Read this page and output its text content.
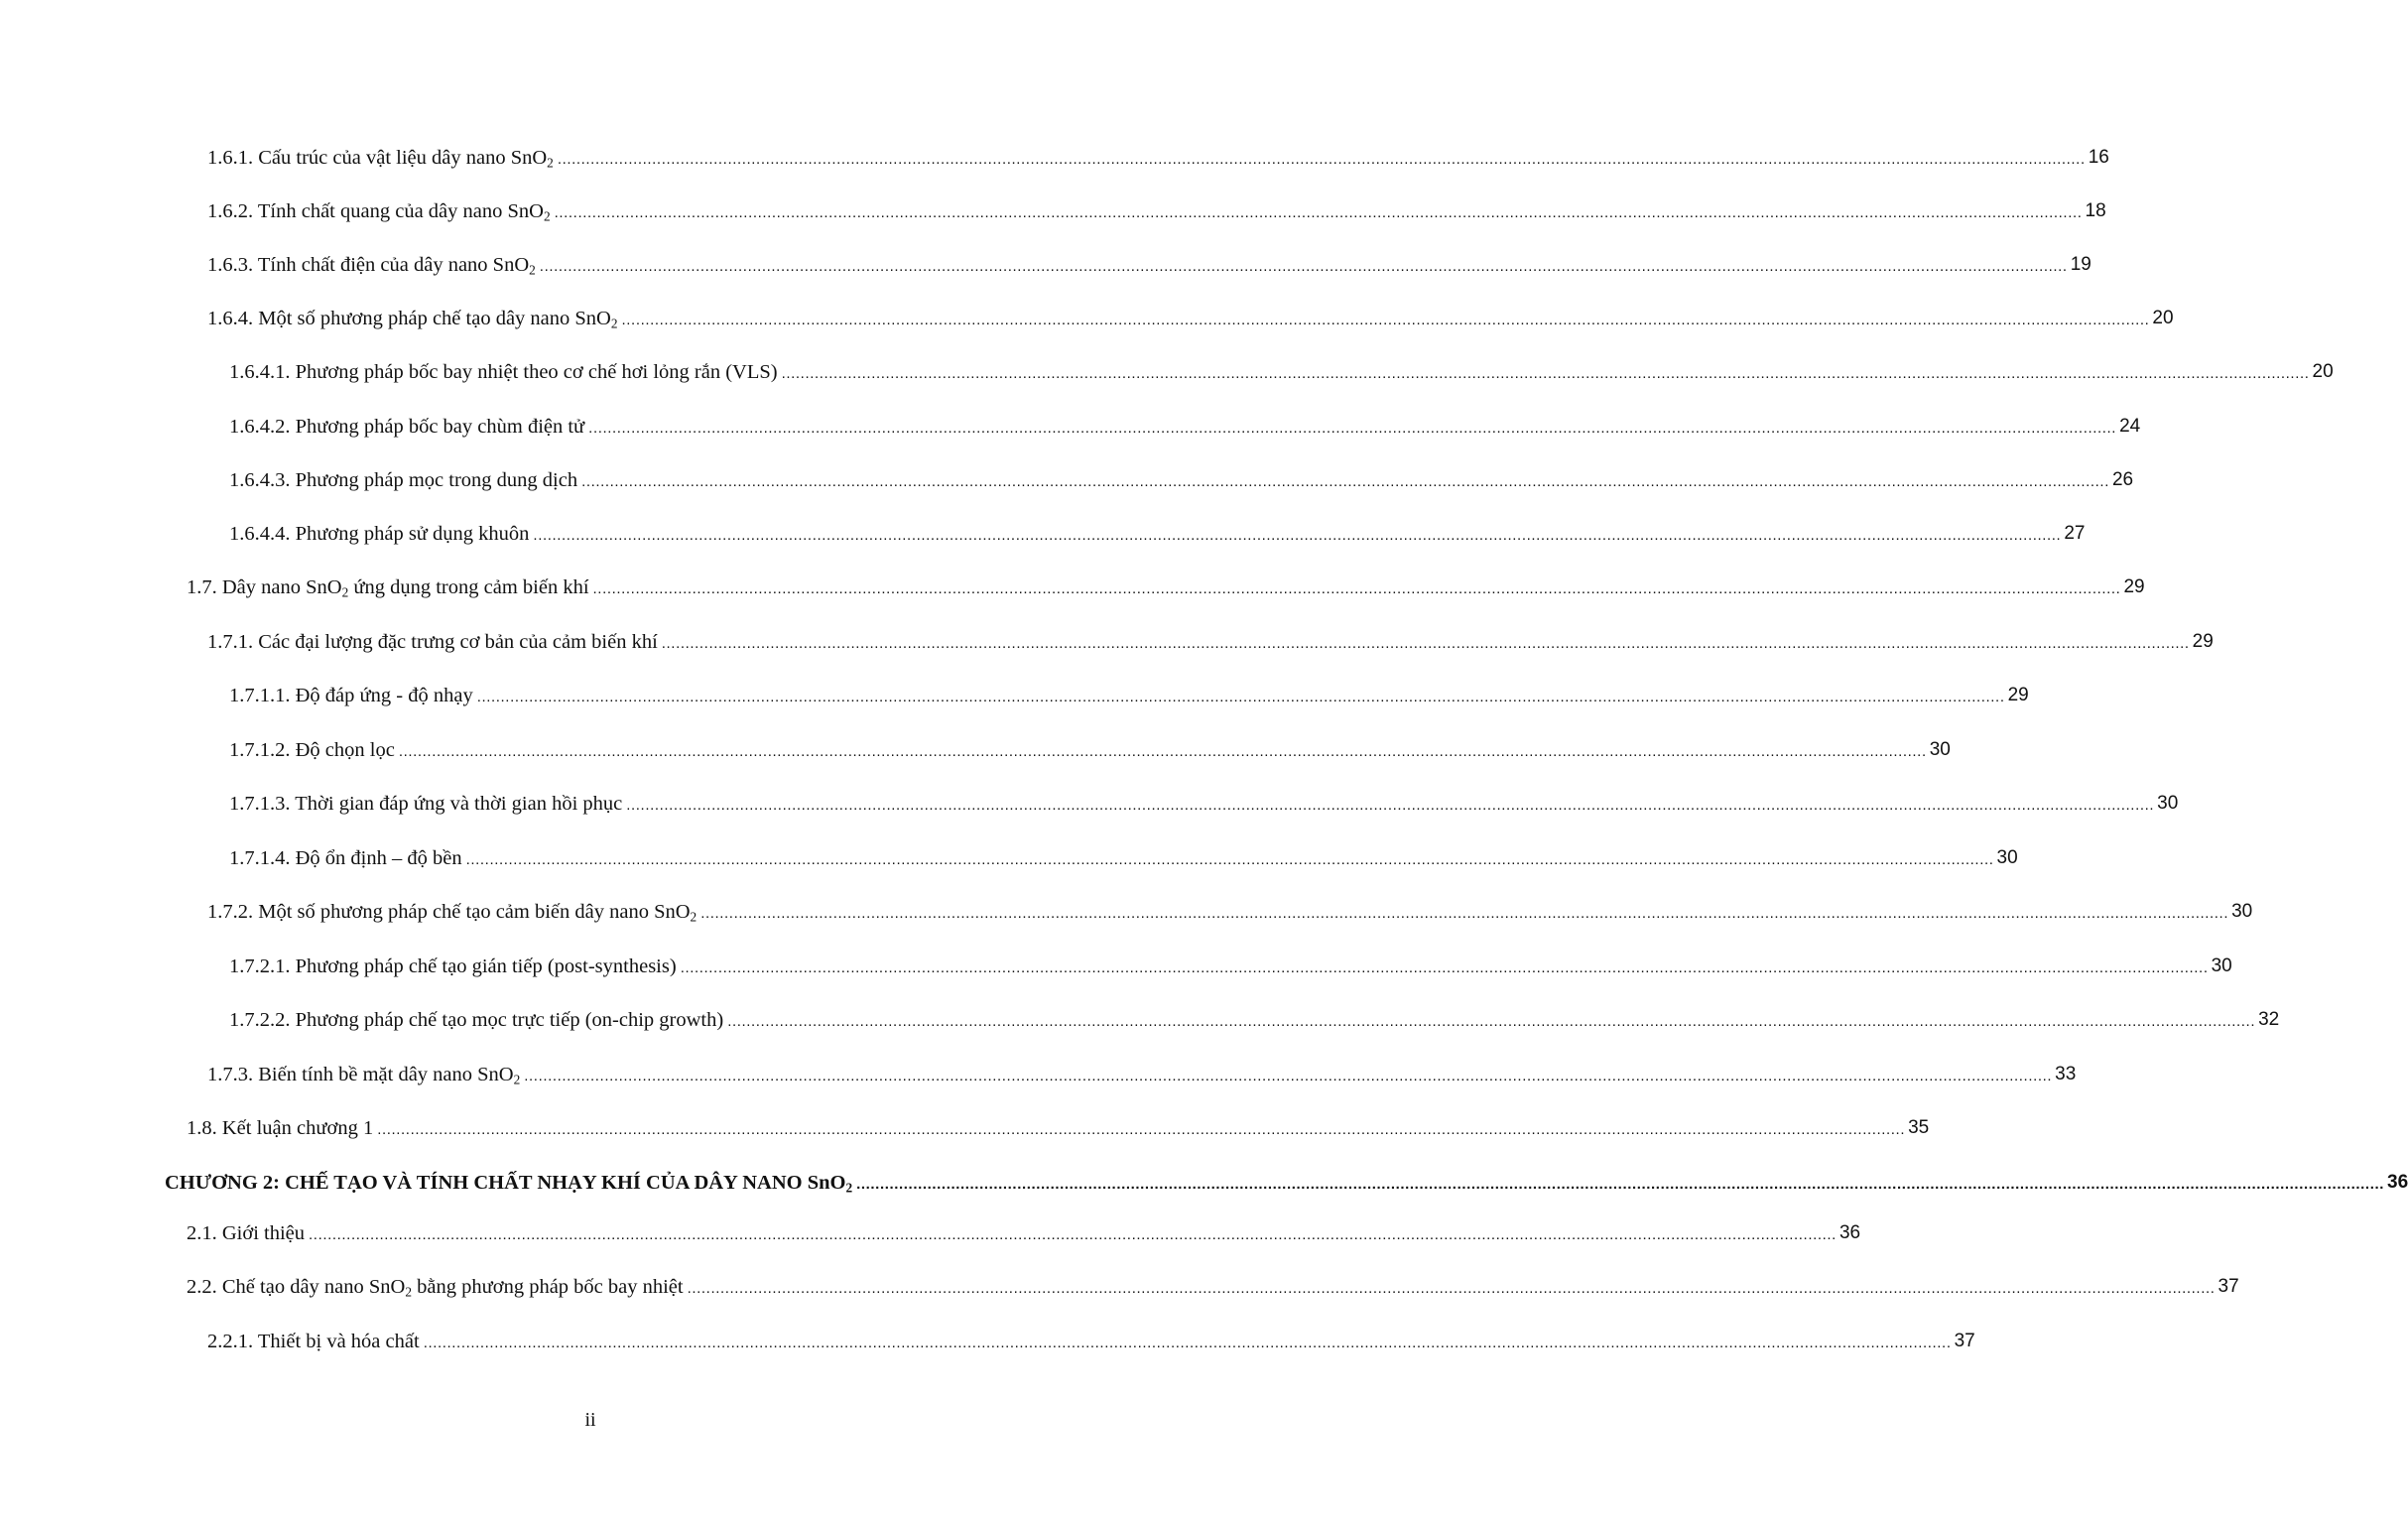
1.6.1. Cấu trúc của vật liệu dây nano SnO$_2$ ................................................................................................................................................................................................................................................................................................................................... 16
1.6.2. Tính chất quang của dây nano SnO$_2$ ................................................................................................................................................................................................................................................................................................................................... 18
1.6.3. Tính chất điện của dây nano SnO$_2$ ................................................................................................................................................................................................................................................................................................................................... 19
1.6.4. Một số phương pháp chế tạo dây nano SnO$_2$ ................................................................................................................................................................................................................................................................................................................................... 20
1.6.4.1. Phương pháp bốc bay nhiệt theo cơ chế hơi lỏng rắn (VLS) ................................................................................................................................................................................................................................................................................................................................... 20
1.6.4.2. Phương pháp bốc bay chùm điện tử ................................................................................................................................................................................................................................................................................................................................... 24
1.6.4.3. Phương pháp mọc trong dung dịch ................................................................................................................................................................................................................................................................................................................................... 26
1.6.4.4. Phương pháp sử dụng khuôn ................................................................................................................................................................................................................................................................................................................................... 27
1.7. Dây nano SnO$_2$ ứng dụng trong cảm biến khí ................................................................................................................................................................................................................................................................................................................................... 29
1.7.1. Các đại lượng đặc trưng cơ bản của cảm biến khí ................................................................................................................................................................................................................................................................................................................................... 29
1.7.1.1. Độ đáp ứng - độ nhạy ................................................................................................................................................................................................................................................................................................................................... 29
1.7.1.2. Độ chọn lọc ................................................................................................................................................................................................................................................................................................................................... 30
1.7.1.3. Thời gian đáp ứng và thời gian hồi phục ................................................................................................................................................................................................................................................................................................................................... 30
1.7.1.4. Độ ổn định – độ bền ................................................................................................................................................................................................................................................................................................................................... 30
1.7.2. Một số phương pháp chế tạo cảm biến dây nano SnO$_2$ ................................................................................................................................................................................................................................................................................................................................... 30
1.7.2.1. Phương pháp chế tạo gián tiếp (post-synthesis) ................................................................................................................................................................................................................................................................................................................................... 30
1.7.2.2. Phương pháp chế tạo mọc trực tiếp (on-chip growth) ................................................................................................................................................................................................................................................................................................................................... 32
1.7.3. Biến tính bề mặt dây nano SnO$_2$ ................................................................................................................................................................................................................................................................................................................................... 33
1.8. Kết luận chương 1 ................................................................................................................................................................................................................................................................................................................................... 35
CHƯƠNG 2: CHẾ TẠO VÀ TÍNH CHẤT NHẠY KHÍ CỦA DÂY NANO SnO$_2$ ................................................................................................................................................................................................................................................................................................................................... 36
2.1. Giới thiệu ................................................................................................................................................................................................................................................................................................................................... 36
2.2. Chế tạo dây nano SnO$_2$ bằng phương pháp bốc bay nhiệt ................................................................................................................................................................................................................................................................................................................................... 37
2.2.1. Thiết bị và hóa chất ................................................................................................................................................................................................................................................................................................................................... 37
ii
